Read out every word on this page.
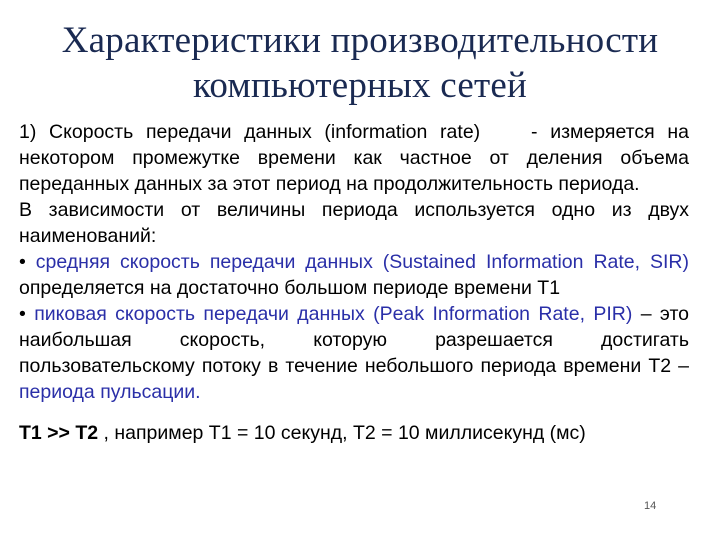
Характеристики производительности
компьютерных сетей

1) Скорость передачи данных (information rate)	- измеряется на некотором промежутке времени как частное от деления объема переданных данных за этот период на продолжительность периода.

В зависимости от величины периода используется одно из двух наименований:

• средняя скорость передачи данных (Sustained Information Rate, SIR) определяется на достаточно большом периоде времени Т1

• пиковая скорость передачи данных (Peak Information Rate, PIR) – это наибольшая скорость, которую разрешается достигать пользовательскому потоку в течение небольшого периода времени Т2 – периода пульсации.

Т1 >> Т2 , например Т1 = 10 секунд, Т2 = 10 миллисекунд (мс)

14
